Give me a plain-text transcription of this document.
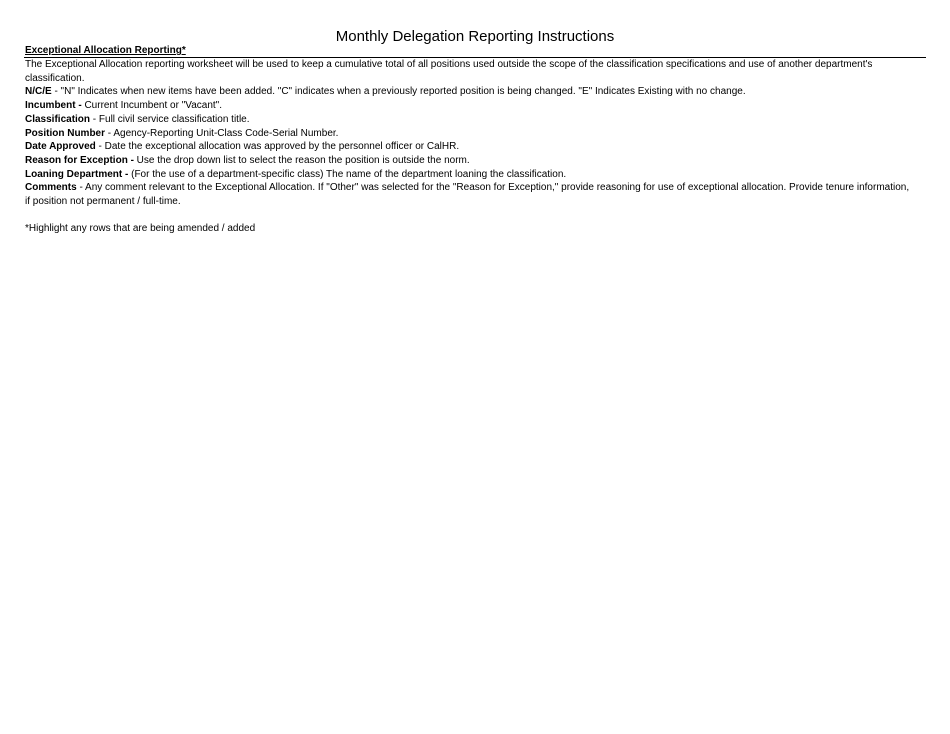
Monthly Delegation Reporting Instructions
Exceptional Allocation Reporting*

The Exceptional Allocation reporting worksheet will be used to keep a cumulative total of all positions used outside the scope of the classification specifications and use of another department's classification.

N/C/E - "N" Indicates when new items have been added. "C" indicates when a previously reported position is being changed. "E" Indicates Existing with no change.

Incumbent - Current Incumbent or "Vacant".

Classification - Full civil service classification title.

Position Number - Agency-Reporting Unit-Class Code-Serial Number.

Date Approved - Date the exceptional allocation was approved by the personnel officer or CalHR.

Reason for Exception - Use the drop down list to select the reason the position is outside the norm.

Loaning Department - (For the use of a department-specific class) The name of the department loaning the classification.

Comments - Any comment relevant to the Exceptional Allocation. If "Other" was selected for the "Reason for Exception," provide reasoning for use of exceptional allocation. Provide tenure information, if position not permanent / full-time.

*Highlight any rows that are being amended / added
